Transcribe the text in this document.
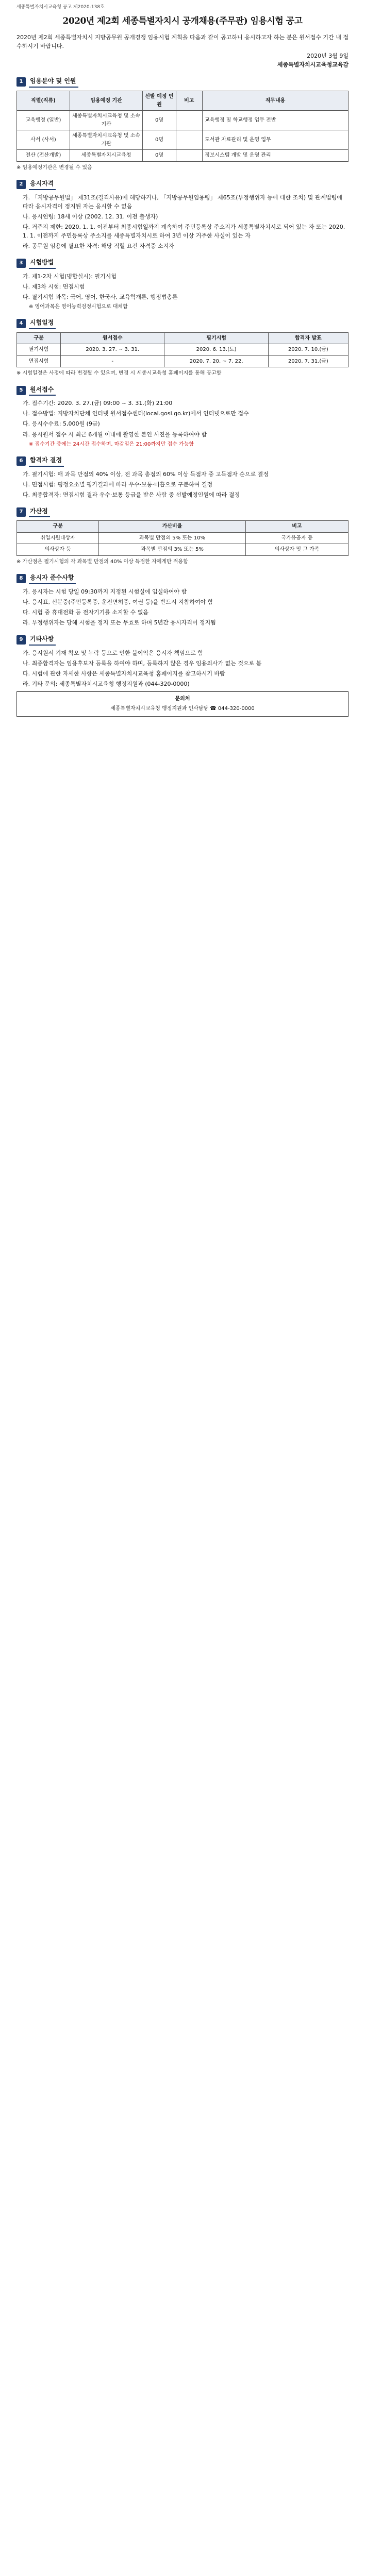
세종특별자치시교육청 공고 제2020-138호
2020년 제2회 세종특별자치시 공개채용(주무관) 임용시험 공고
2020년 제2회 세종특별자치시 지방공무원 공개경쟁 임용시험 계획을 다음과 같이 공고하니 응시하고자 하는 분은 원서접수 기간 내 접수하시기 바랍니다.
2020년 3월 9일
세종특별자치시교육청교육감
1	임용분야 및 인원
직렬(직류)	임용예정 기관	선발 예정 인원	비고	직무내용
교육행정 (일반)	세종특별자치시교육청 및 소속기관	0명		교육행정 및 학교행정 업무 전반
사서 (사서)	세종특별자치시교육청 및 소속기관	0명		도서관 자료관리 및 운영 업무
전산 (전산개발)	세종특별자치시교육청	0명		정보시스템 개발 및 운영 관리
※ 임용예정기관은 변경될 수 있음
2	응시자격
가. 「지방공무원법」 제31조(결격사유)에 해당하거나, 「지방공무원임용령」 제65조(부정행위자 등에 대한 조치) 및 관계법령에 따라 응시자격이 정지된 자는 응시할 수 없음
나. 응시연령: 18세 이상 (2002. 12. 31. 이전 출생자)
다. 거주지 제한: 2020. 1. 1. 이전부터 최종시험일까지 계속하여 주민등록상 주소지가 세종특별자치시로 되어 있는 자 또는 2020. 1. 1. 이전까지 주민등록상 주소지를 세종특별자치시로 하여 3년 이상 거주한 사실이 있는 자
라. 공무원 임용에 필요한 자격: 해당 직렬 요건 자격증 소지자
3	시험방법
가. 제1·2차 시험(병합실시): 필기시험
나. 제3차 시험: 면접시험
다. 필기시험 과목: 국어, 영어, 한국사, 교육학개론, 행정법총론
※ 영어과목은 영어능력검정시험으로 대체함
4	시험일정
구분	원서접수	필기시험	합격자 발표
필기시험	2020. 3. 27. ~ 3. 31.	2020. 6. 13.(토)	2020. 7. 10.(금)
면접시험	-	2020. 7. 20. ~ 7. 22.	2020. 7. 31.(금)
※ 시험일정은 사정에 따라 변경될 수 있으며, 변경 시 세종시교육청 홈페이지를 통해 공고함
5	원서접수
가. 접수기간: 2020. 3. 27.(금) 09:00 ~ 3. 31.(화) 21:00
나. 접수방법: 지방자치단체 인터넷 원서접수센터(local.gosi.go.kr)에서 인터넷으로만 접수
다. 응시수수료: 5,000원 (9급)
라. 응시원서 접수 시 최근 6개월 이내에 촬영한 본인 사진을 등록하여야 함
※ 접수기간 중에는 24시간 접수하며, 마감일은 21:00까지만 접수 가능함
6	합격자 결정
가. 필기시험: 매 과목 만점의 40% 이상, 전 과목 총점의 60% 이상 득점자 중 고득점자 순으로 결정
나. 면접시험: 평정요소별 평가결과에 따라 우수·보통·미흡으로 구분하여 결정
다. 최종합격자: 면접시험 결과 우수·보통 등급을 받은 사람 중 선발예정인원에 따라 결정
7	가산점
구분	가산비율	비고
취업지원대상자	과목별 만점의 5% 또는 10%	국가유공자 등
의사상자 등	과목별 만점의 3% 또는 5%	의사상자 및 그 가족
※ 가산점은 필기시험의 각 과목별 만점의 40% 이상 득점한 자에게만 적용함
8	응시자 준수사항
가. 응시자는 시험 당일 09:30까지 지정된 시험실에 입실하여야 함
나. 응시표, 신분증(주민등록증, 운전면허증, 여권 등)을 반드시 지참하여야 함
다. 시험 중 휴대전화 등 전자기기를 소지할 수 없음
라. 부정행위자는 당해 시험을 정지 또는 무효로 하며 5년간 응시자격이 정지됨
9	기타사항
가. 응시원서 기재 착오 및 누락 등으로 인한 불이익은 응시자 책임으로 함
나. 최종합격자는 임용후보자 등록을 하여야 하며, 등록하지 않은 경우 임용의사가 없는 것으로 봄
다. 시험에 관한 자세한 사항은 세종특별자치시교육청 홈페이지를 참고하시기 바람
라. 기타 문의: 세종특별자치시교육청 행정지원과 (044-320-0000)
문의처
세종특별자치시교육청 행정지원과 인사담당 ☎ 044-320-0000
